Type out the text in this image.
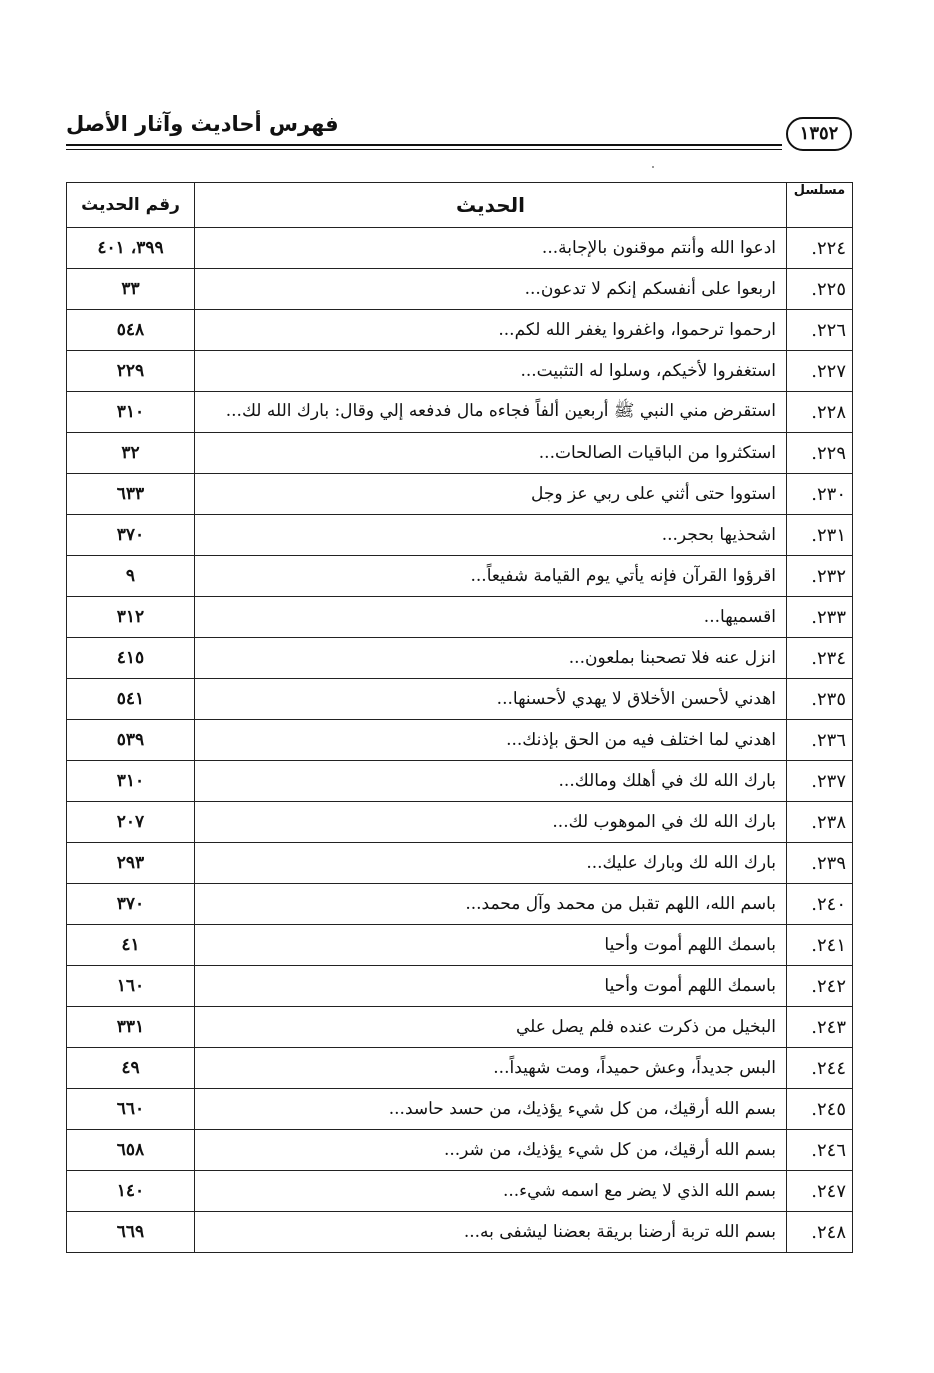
فهرس أحاديث وآثار الأصل	١٣٥٢
مسلسل	الحديث	رقم الحديث
٢٢٤.	ادعوا الله وأنتم موقنون بالإجابة...	٣٩٩، ٤٠١
٢٢٥.	اربعوا على أنفسكم إنكم لا تدعون...	٣٣
٢٢٦.	ارحموا ترحموا، واغفروا يغفر الله لكم...	٥٤٨
٢٢٧.	استغفروا لأخيكم، وسلوا له التثبيت...	٢٢٩
٢٢٨.	استقرض مني النبي ﷺ أربعين ألفاً فجاءه مال فدفعه إلي وقال: بارك الله لك...	٣١٠
٢٢٩.	استكثروا من الباقيات الصالحات...	٣٢
٢٣٠.	استووا حتى أثني على ربي عز وجل	٦٣٣
٢٣١.	اشحذيها بحجر...	٣٧٠
٢٣٢.	اقرؤوا القرآن فإنه يأتي يوم القيامة شفيعاً...	٩
٢٣٣.	اقسميها...	٣١٢
٢٣٤.	انزل عنه فلا تصحبنا بملعون...	٤١٥
٢٣٥.	اهدني لأحسن الأخلاق لا يهدي لأحسنها...	٥٤١
٢٣٦.	اهدني لما اختلف فيه من الحق بإذنك...	٥٣٩
٢٣٧.	بارك الله لك في أهلك ومالك...	٣١٠
٢٣٨.	بارك الله لك في الموهوب لك...	٢٠٧
٢٣٩.	بارك الله لك وبارك عليك...	٢٩٣
٢٤٠.	باسم الله، اللهم تقبل من محمد وآل محمد...	٣٧٠
٢٤١.	باسمك اللهم أموت وأحيا	٤١
٢٤٢.	باسمك اللهم أموت وأحيا	١٦٠
٢٤٣.	البخيل من ذكرت عنده فلم يصل علي	٣٣١
٢٤٤.	البس جديداً، وعش حميداً، ومت شهيداً...	٤٩
٢٤٥.	بسم الله أرقيك، من كل شيء يؤذيك، من حسد حاسد...	٦٦٠
٢٤٦.	بسم الله أرقيك، من كل شيء يؤذيك، من شر...	٦٥٨
٢٤٧.	بسم الله الذي لا يضر مع اسمه شيء...	١٤٠
٢٤٨.	بسم الله تربة أرضنا بريقة بعضنا ليشفى به...	٦٦٩
